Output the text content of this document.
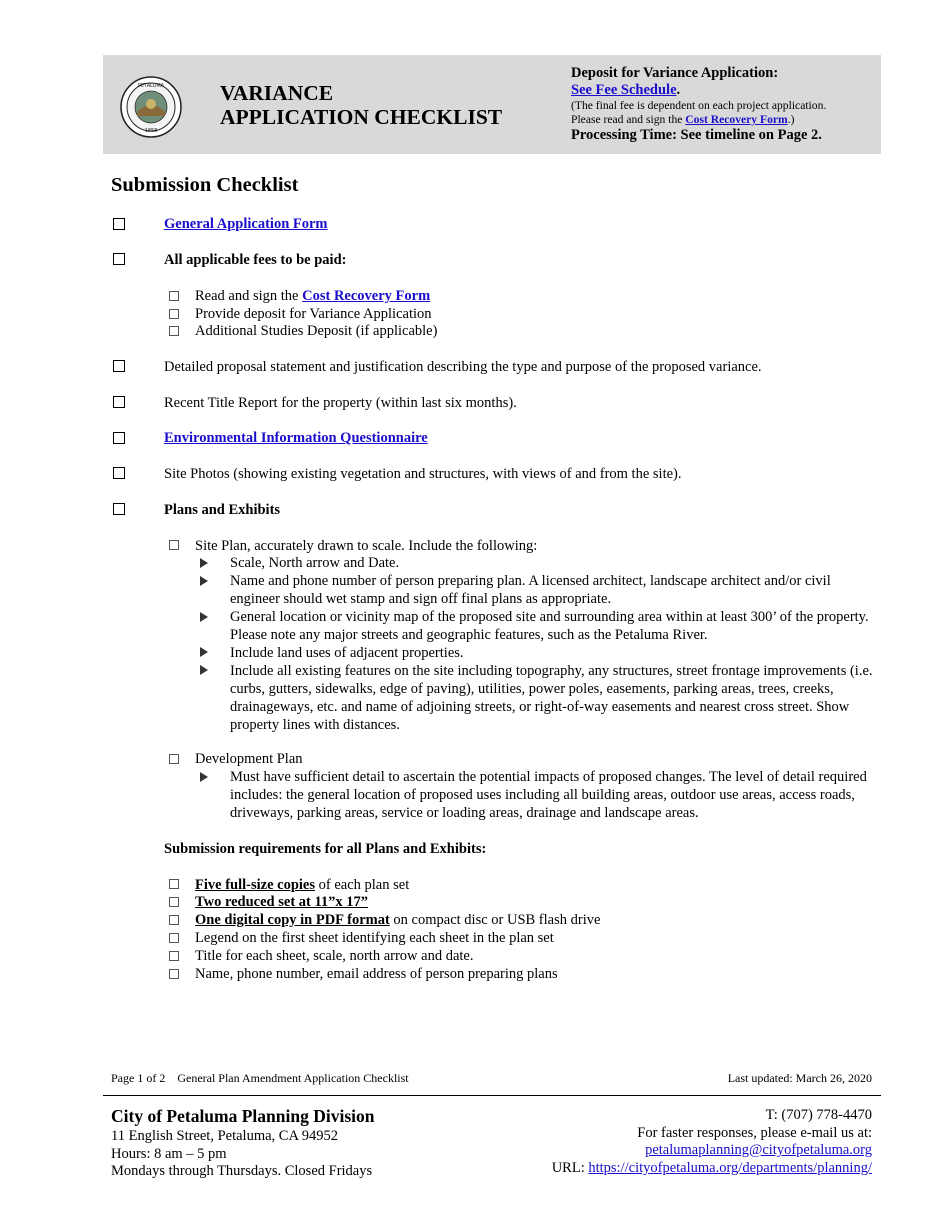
PETALUMA
1858
VARIANCE
APPLICATION CHECKLIST
Deposit for Variance Application:
See Fee Schedule.
(The final fee is dependent on each project application.
Please read and sign the Cost Recovery Form.)
Processing Time: See timeline on Page 2.
Submission Checklist
General Application Form
All applicable fees to be paid:
Read and sign the Cost Recovery Form
Provide deposit for Variance Application
Additional Studies Deposit (if applicable)
Detailed proposal statement and justification describing the type and purpose of the proposed variance.
Recent Title Report for the property (within last six months).
Environmental Information Questionnaire
Site Photos (showing existing vegetation and structures, with views of and from the site).
Plans and Exhibits
Site Plan, accurately drawn to scale. Include the following:
Scale, North arrow and Date.
Name and phone number of person preparing plan. A licensed architect, landscape architect and/or civil engineer should wet stamp and sign off final plans as appropriate.
General location or vicinity map of the proposed site and surrounding area within at least 300’ of the property. Please note any major streets and geographic features, such as the Petaluma River.
Include land uses of adjacent properties.
Include all existing features on the site including topography, any structures, street frontage improvements (i.e. curbs, gutters, sidewalks, edge of paving), utilities, power poles, easements, parking areas, trees, creeks, drainageways, etc. and name of adjoining streets, or right-of-way easements and nearest cross street. Show property lines with distances.
Development Plan
Must have sufficient detail to ascertain the potential impacts of proposed changes. The level of detail required includes: the general location of proposed uses including all building areas, outdoor use areas, access roads, driveways, parking areas, service or loading areas, drainage and landscape areas.
Submission requirements for all Plans and Exhibits:
Five full-size copies of each plan set
Two reduced set at 11”x 17”
One digital copy in PDF format on compact disc or USB flash drive
Legend on the first sheet identifying each sheet in the plan set
Title for each sheet, scale, north arrow and date.
Name, phone number, email address of person preparing plans
Page 1 of 2 General Plan Amendment Application Checklist	Last updated: March 26, 2020
City of Petaluma Planning Division
11 English Street, Petaluma, CA 94952
Hours: 8 am – 5 pm
Mondays through Thursdays. Closed Fridays
T: (707) 778-4470
For faster responses, please e-mail us at:
petalumaplanning@cityofpetaluma.org
URL: https://cityofpetaluma.org/departments/planning/
